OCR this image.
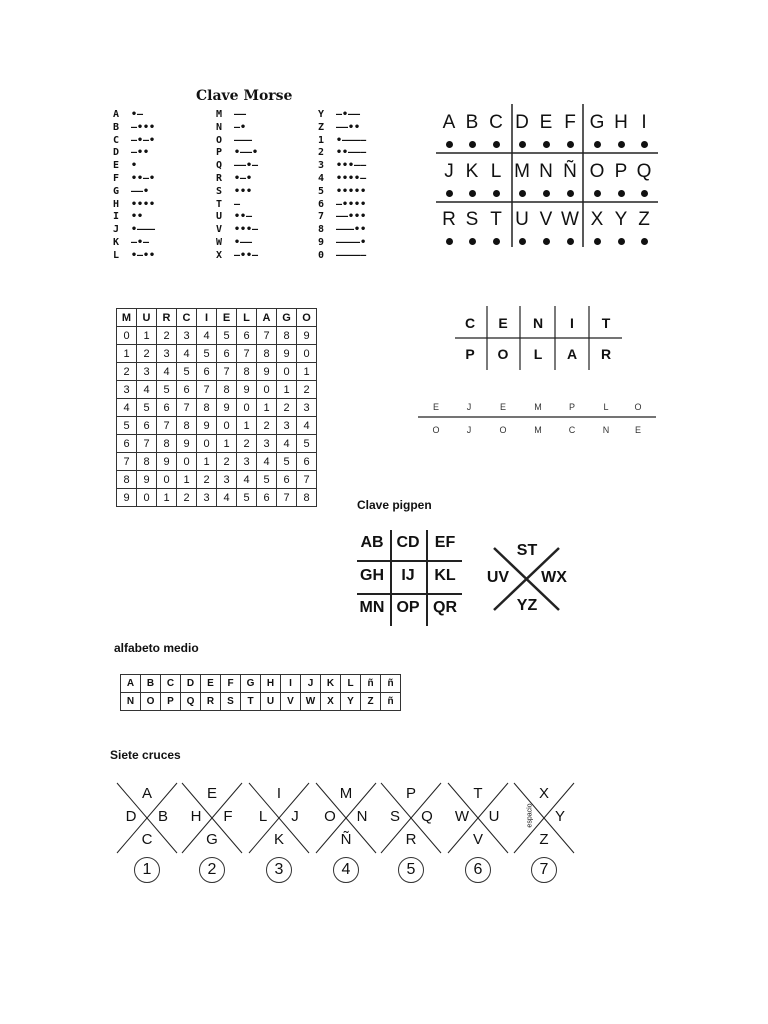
Clave Morse
A •–
B –•••
C –•–•
D –••
E •
F ••–•
G ––•
H ••••
I ••
J •–––
K –•–
L •–••
M ––
N –•
O –––
P •––•
Q ––•–
R •–•
S •••
T –
U ••–
V •••–
W •––
X –••–
Y –•––
Z ––••
1 •––––
2 ••–––
3 •••––
4 ••••–
5 •••••
6 –••••
7 ––•••
8 –––••
9 ––––•
0 –––––
A B C D E F G H I
J K L M N Ñ O P Q
R S T U V W X Y Z
M	U	R	C	I	E	L	A	G	O
0	1	2	3	4	5	6	7	8	9
1	2	3	4	5	6	7	8	9	0
2	3	4	5	6	7	8	9	0	1
3	4	5	6	7	8	9	0	1	2
4	5	6	7	8	9	0	1	2	3
5	6	7	8	9	0	1	2	3	4
6	7	8	9	0	1	2	3	4	5
7	8	9	0	1	2	3	4	5	6
8	9	0	1	2	3	4	5	6	7
9	0	1	2	3	4	5	6	7	8
C	E	N	I	T
P	O	L	A	R
E	J	E	M	P	L	O
O	J	O	M	C	N	E
Clave pigpen
AB CD EF
GH	IJ	KL
MN OP QR
ST
UV	WX
YZ
alfabeto medio
A	B	C	D	E	F	G	H	I	J	K	L	ñ	ñ
N	O	P	Q	R	S	T	U	V	W	X	Y	Z	ñ
Siete cruces
A
D	B
C
1
E
H	F
G
2
I
L	J
K
3
M
O	N
Ñ
4
P
S	Q
R
5
T
W	U
V
6
X
espacio	Y
Z
7
